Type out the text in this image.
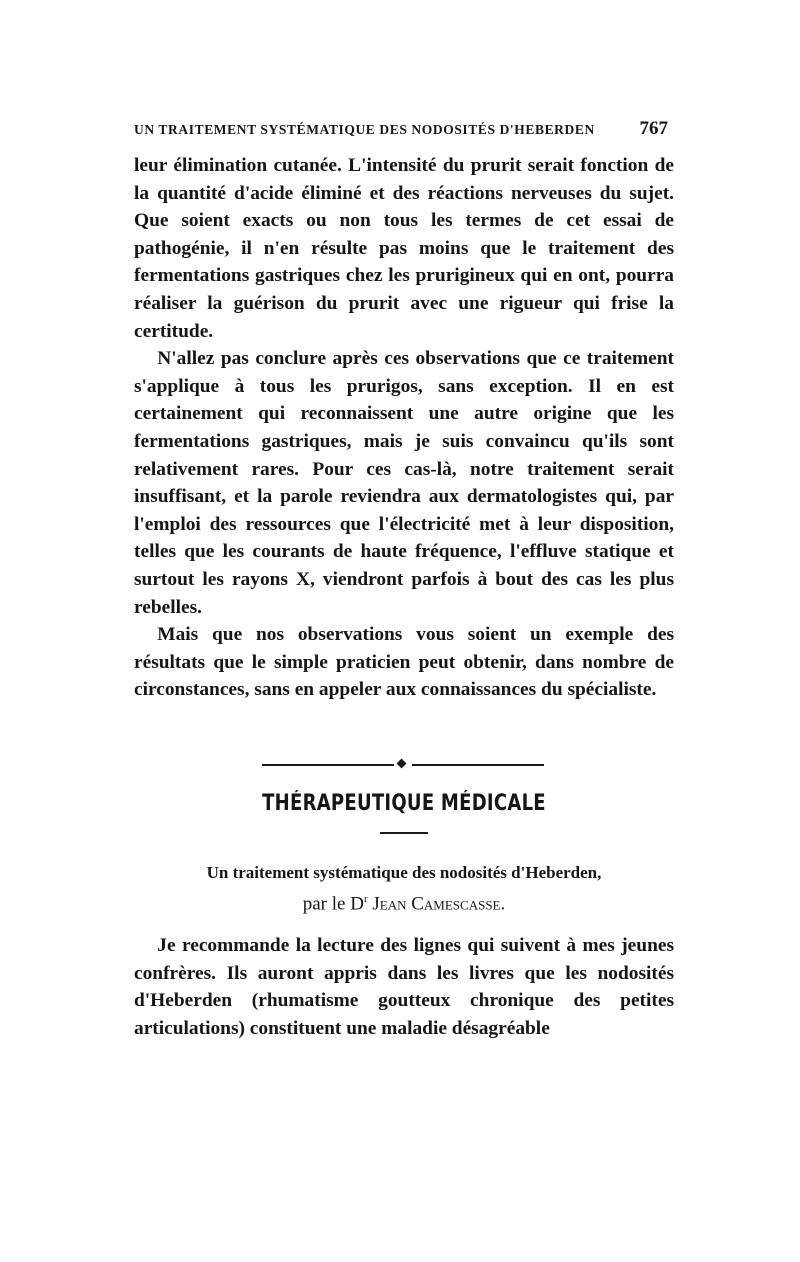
UN TRAITEMENT SYSTÉMATIQUE DES NODOSITÉS D'HEBERDEN 767

leur élimination cutanée. L'intensité du prurit serait fonction de la quantité d'acide éliminé et des réactions nerveuses du sujet. Que soient exacts ou non tous les termes de cet essai de pathogénie, il n'en résulte pas moins que le traitement des fermentations gastriques chez les prurigineux qui en ont, pourra réaliser la guérison du prurit avec une rigueur qui frise la certitude.

N'allez pas conclure après ces observations que ce traitement s'applique à tous les prurigos, sans exception. Il en est certainement qui reconnaissent une autre origine que les fermentations gastriques, mais je suis convaincu qu'ils sont relativement rares. Pour ces cas-là, notre traitement serait insuffisant, et la parole reviendra aux dermatologistes qui, par l'emploi des ressources que l'électricité met à leur disposition, telles que les courants de haute fréquence, l'effluve statique et surtout les rayons X, viendront parfois à bout des cas les plus rebelles.

Mais que nos observations vous soient un exemple des résultats que le simple praticien peut obtenir, dans nombre de circonstances, sans en appeler aux connaissances du spécialiste.

THÉRAPEUTIQUE MÉDICALE
Un traitement systématique des nodosités d'Heberden,
par le $D^r$ Jean Camescasse.

Je recommande la lecture des lignes qui suivent à mes jeunes confrères. Ils auront appris dans les livres que les nodosités d'Heberden (rhumatisme goutteux chronique des petites articulations) constituent une maladie désagréable
